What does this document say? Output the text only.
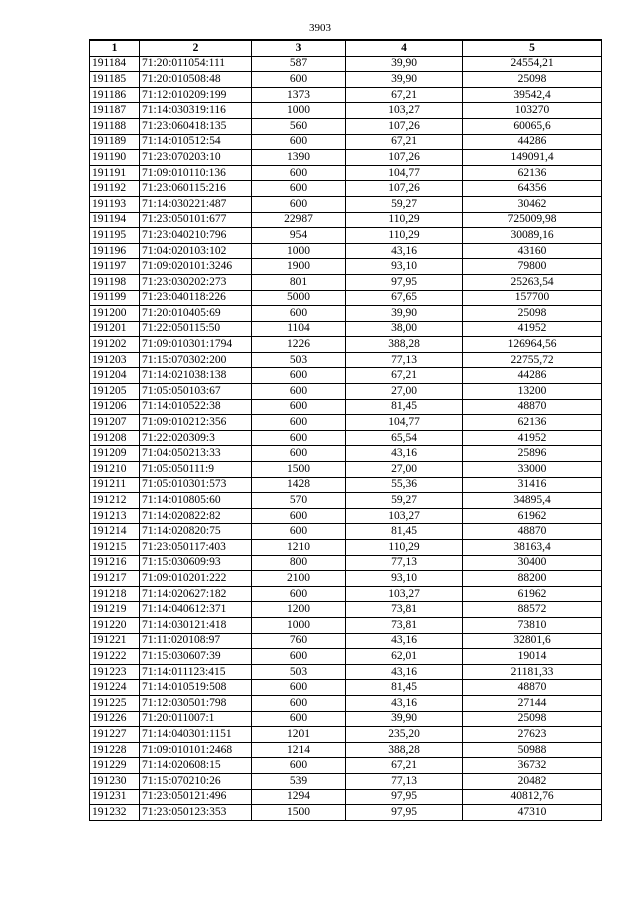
3903
1	2	3	4	5
191184	71:20:011054:111	587	39,90	24554,21
191185	71:20:010508:48	600	39,90	25098
191186	71:12:010209:199	1373	67,21	39542,4
191187	71:14:030319:116	1000	103,27	103270
191188	71:23:060418:135	560	107,26	60065,6
191189	71:14:010512:54	600	67,21	44286
191190	71:23:070203:10	1390	107,26	149091,4
191191	71:09:010110:136	600	104,77	62136
191192	71:23:060115:216	600	107,26	64356
191193	71:14:030221:487	600	59,27	30462
191194	71:23:050101:677	22987	110,29	725009,98
191195	71:23:040210:796	954	110,29	30089,16
191196	71:04:020103:102	1000	43,16	43160
191197	71:09:020101:3246	1900	93,10	79800
191198	71:23:030202:273	801	97,95	25263,54
191199	71:23:040118:226	5000	67,65	157700
191200	71:20:010405:69	600	39,90	25098
191201	71:22:050115:50	1104	38,00	41952
191202	71:09:010301:1794	1226	388,28	126964,56
191203	71:15:070302:200	503	77,13	22755,72
191204	71:14:021038:138	600	67,21	44286
191205	71:05:050103:67	600	27,00	13200
191206	71:14:010522:38	600	81,45	48870
191207	71:09:010212:356	600	104,77	62136
191208	71:22:020309:3	600	65,54	41952
191209	71:04:050213:33	600	43,16	25896
191210	71:05:050111:9	1500	27,00	33000
191211	71:05:010301:573	1428	55,36	31416
191212	71:14:010805:60	570	59,27	34895,4
191213	71:14:020822:82	600	103,27	61962
191214	71:14:020820:75	600	81,45	48870
191215	71:23:050117:403	1210	110,29	38163,4
191216	71:15:030609:93	800	77,13	30400
191217	71:09:010201:222	2100	93,10	88200
191218	71:14:020627:182	600	103,27	61962
191219	71:14:040612:371	1200	73,81	88572
191220	71:14:030121:418	1000	73,81	73810
191221	71:11:020108:97	760	43,16	32801,6
191222	71:15:030607:39	600	62,01	19014
191223	71:14:011123:415	503	43,16	21181,33
191224	71:14:010519:508	600	81,45	48870
191225	71:12:030501:798	600	43,16	27144
191226	71:20:011007:1	600	39,90	25098
191227	71:14:040301:1151	1201	235,20	27623
191228	71:09:010101:2468	1214	388,28	50988
191229	71:14:020608:15	600	67,21	36732
191230	71:15:070210:26	539	77,13	20482
191231	71:23:050121:496	1294	97,95	40812,76
191232	71:23:050123:353	1500	97,95	47310
